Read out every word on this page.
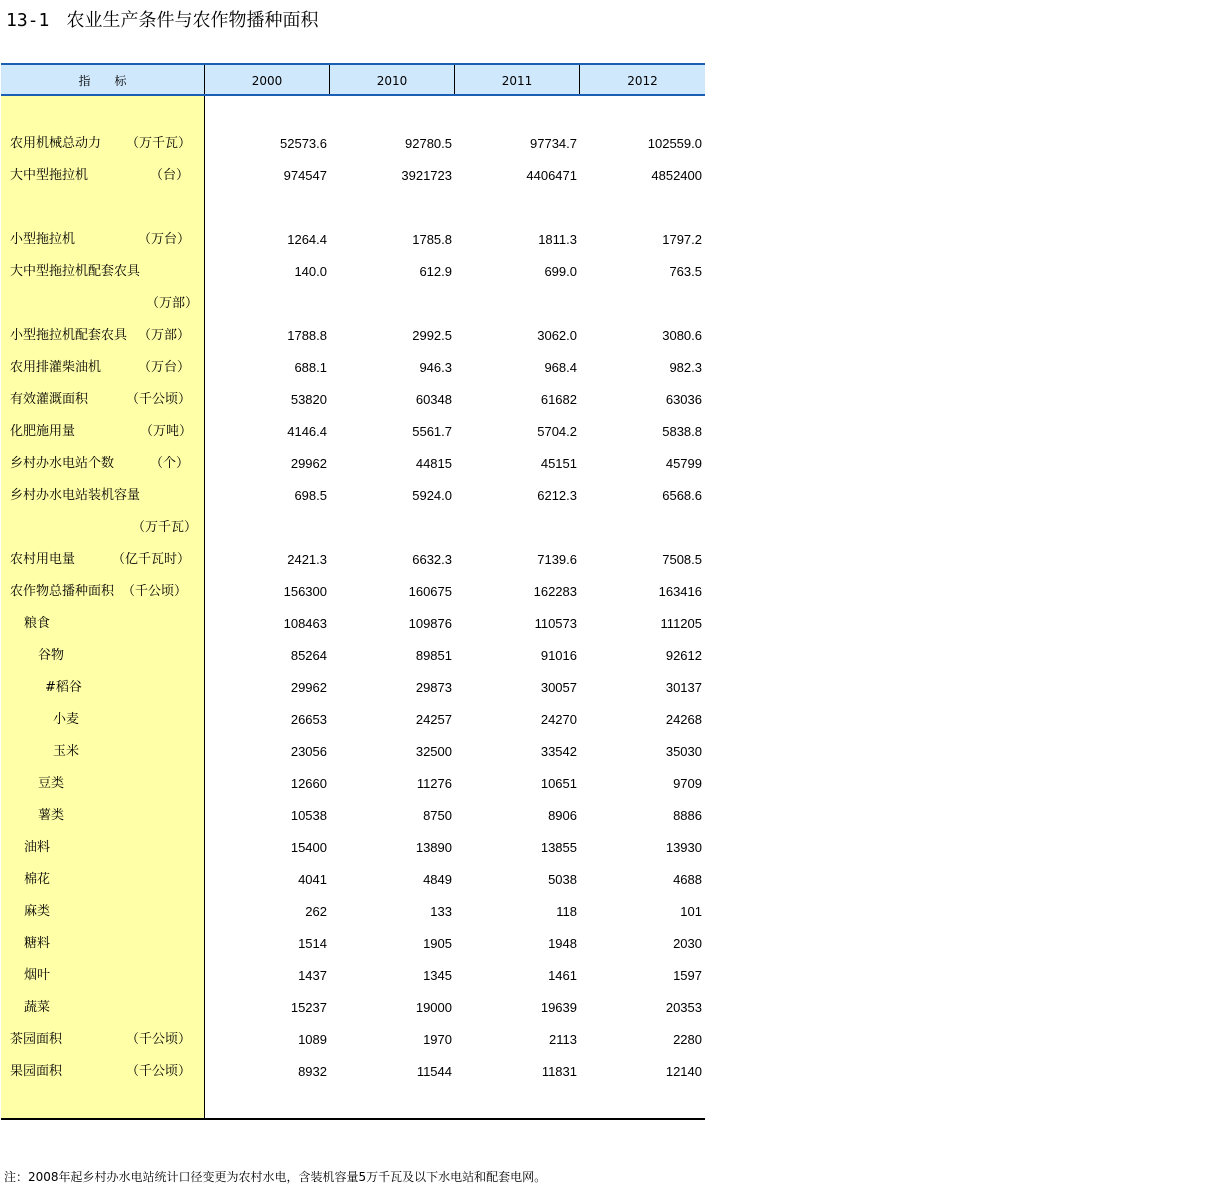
13-1 农业生产条件与农作物播种面积
指　　标	2000	2010	2011	2012
农用机械总动力	（万千瓦）	52573.6	92780.5	97734.7	102559.0
大中型拖拉机	（台）	974547	3921723	4406471	4852400
小型拖拉机	（万台）	1264.4	1785.8	1811.3	1797.2
大中型拖拉机配套农具	140.0	612.9	699.0	763.5
（万部）
小型拖拉机配套农具 （万部）	1788.8	2992.5	3062.0	3080.6
农用排灌柴油机	（万台）	688.1	946.3	968.4	982.3
有效灌溉面积	（千公顷）	53820	60348	61682	63036
化肥施用量	（万吨）	4146.4	5561.7	5704.2	5838.8
乡村办水电站个数	（个）	29962	44815	45151	45799
乡村办水电站装机容量	698.5	5924.0	6212.3	6568.6
（万千瓦）
农村用电量	（亿千瓦时）	2421.3	6632.3	7139.6	7508.5
农作物总播种面积 （千公顷）	156300	160675	162283	163416
粮食	108463	109876	110573	111205
谷物	85264	89851	91016	92612
#稻谷	29962	29873	30057	30137
小麦	26653	24257	24270	24268
玉米	23056	32500	33542	35030
豆类	12660	11276	10651	9709
薯类	10538	8750	8906	8886
油料	15400	13890	13855	13930
棉花	4041	4849	5038	4688
麻类	262	133	118	101
糖料	1514	1905	1948	2030
烟叶	1437	1345	1461	1597
蔬菜	15237	19000	19639	20353
茶园面积	（千公顷）	1089	1970	2113	2280
果园面积	（千公顷）	8932	11544	11831	12140
注：2008年起乡村办水电站统计口径变更为农村水电，含装机容量5万千瓦及以下水电站和配套电网。
